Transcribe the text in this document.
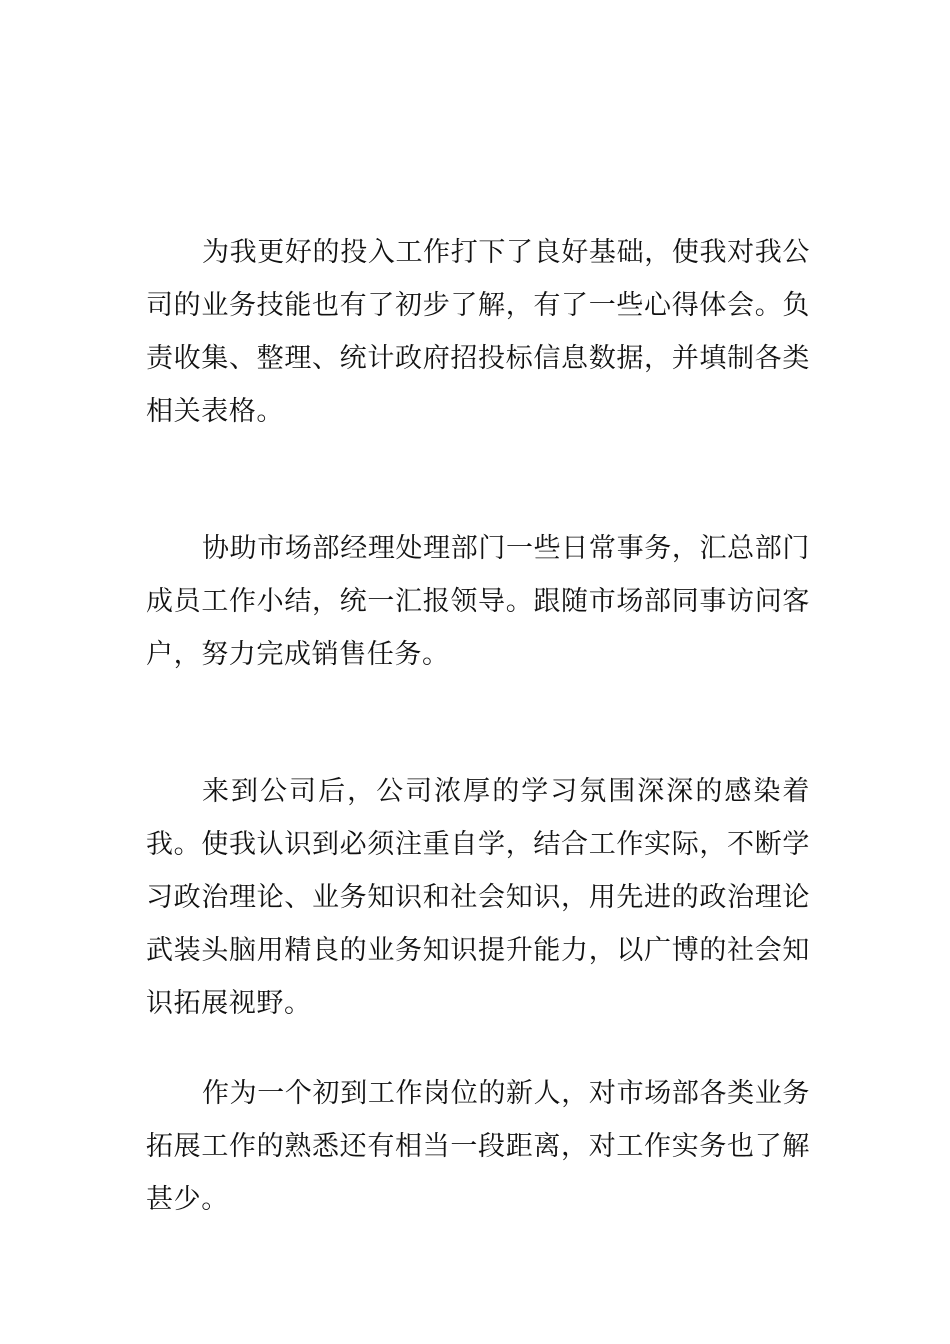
为我更好的投入工作打下了良好基础，使我对我公司的业务技能也有了初步了解，有了一些心得体会。负责收集、整理、统计政府招投标信息数据，并填制各类相关表格。

协助市场部经理处理部门一些日常事务，汇总部门成员工作小结，统一汇报领导。跟随市场部同事访问客户，努力完成销售任务。

来到公司后，公司浓厚的学习氛围深深的感染着我。使我认识到必须注重自学，结合工作实际，不断学习政治理论、业务知识和社会知识，用先进的政治理论武装头脑用精良的业务知识提升能力，以广博的社会知识拓展视野。

作为一个初到工作岗位的新人，对市场部各类业务拓展工作的熟悉还有相当一段距离，对工作实务也了解甚少。
